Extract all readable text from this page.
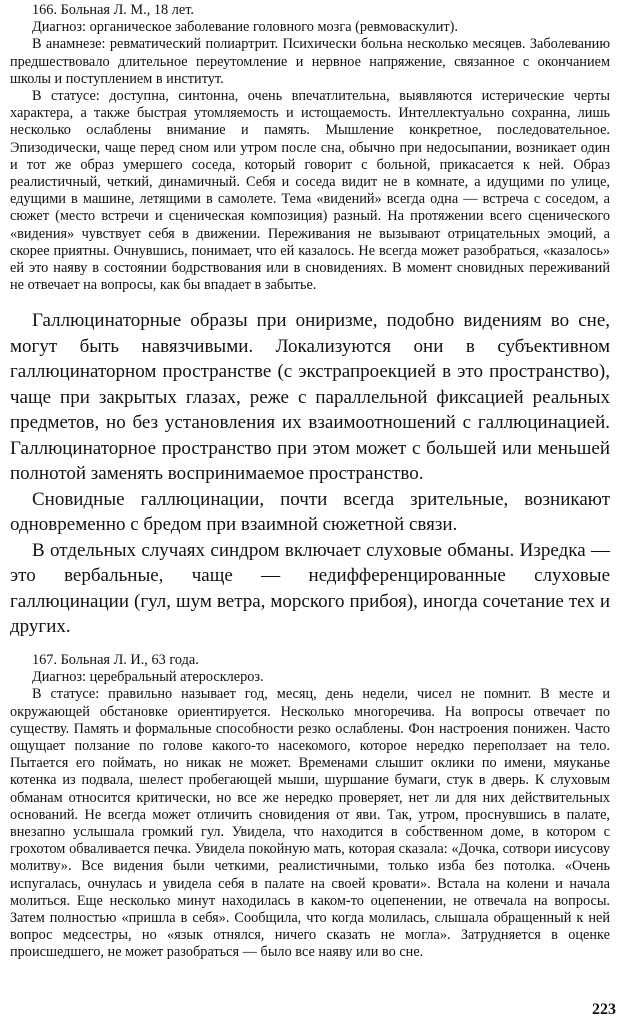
166. Больная Л. М., 18 лет.
Диагноз: органическое заболевание головного мозга (ревмоваскулит).

В анамнезе: ревматический полиартрит. Психически больна несколько месяцев. Заболеванию предшествовало длительное переутомление и нервное напряжение, связанное с окончанием школы и поступлением в институт.

В статусе: доступна, синтонна, очень впечатлительна, выявляются истерические черты характера, а также быстрая утомляемость и истощаемость. Интеллектуально сохранна, лишь несколько ослаблены внимание и память. Мышление конкретное, последовательное. Эпизодически, чаще перед сном или утром после сна, обычно при недосыпании, возникает один и тот же образ умершего соседа, который говорит с больной, прикасается к ней. Образ реалистичный, четкий, динамичный. Себя и соседа видит не в комнате, а идущими по улице, едущими в машине, летящими в самолете. Тема «видений» всегда одна — встреча с соседом, а сюжет (место встречи и сценическая композиция) разный. На протяжении всего сценического «видения» чувствует себя в движении. Переживания не вызывают отрицательных эмоций, а скорее приятны. Очнувшись, понимает, что ей казалось. Не всегда может разобраться, «казалось» ей это наяву в состоянии бодрствования или в сновидениях. В момент сновидных переживаний не отвечает на вопросы, как бы впадает в забытье.

Галлюцинаторные образы при ониризме, подобно видениям во сне, могут быть навязчивыми. Локализуются они в субъективном галлюцинаторном пространстве (с экстрапроекцией в это пространство), чаще при закрытых глазах, реже с параллельной фиксацией реальных предметов, но без установления их взаимоотношений с галлюцинацией. Галлюцинаторное пространство при этом может с большей или меньшей полнотой заменять воспринимаемое пространство.

Сновидные галлюцинации, почти всегда зрительные, возникают одновременно с бредом при взаимной сюжетной связи.

В отдельных случаях синдром включает слуховые обманы. Изредка — это вербальные, чаще — недифференцированные слуховые галлюцинации (гул, шум ветра, морского прибоя), иногда сочетание тех и других.

167. Больная Л. И., 63 года.
Диагноз: церебральный атеросклероз.

В статусе: правильно называет год, месяц, день недели, чисел не помнит. В месте и окружающей обстановке ориентируется. Несколько многоречива. На вопросы отвечает по существу. Память и формальные способности резко ослаблены. Фон настроения понижен. Часто ощущает ползание по голове какого-то насекомого, которое нередко переползает на тело. Пытается его поймать, но никак не может. Временами слышит оклики по имени, мяуканье котенка из подвала, шелест пробегающей мыши, шуршание бумаги, стук в дверь. К слуховым обманам относится критически, но все же нередко проверяет, нет ли для них действительных оснований. Не всегда может отличить сновидения от яви. Так, утром, проснувшись в палате, внезапно услышала громкий гул. Увидела, что находится в собственном доме, в котором с грохотом обваливается печка. Увидела покойную мать, которая сказала: «Дочка, сотвори иисусову молитву». Все видения были четкими, реалистичными, только изба без потолка. «Очень испугалась, очнулась и увидела себя в палате на своей кровати». Встала на колени и начала молиться. Еще несколько минут находилась в каком-то оцепенении, не отвечала на вопросы. Затем полностью «пришла в себя». Сообщила, что когда молилась, слышала обращенный к ней вопрос медсестры, но «язык отнялся, ничего сказать не могла». Затрудняется в оценке происшедшего, не может разобраться — было все наяву или во сне.

223
